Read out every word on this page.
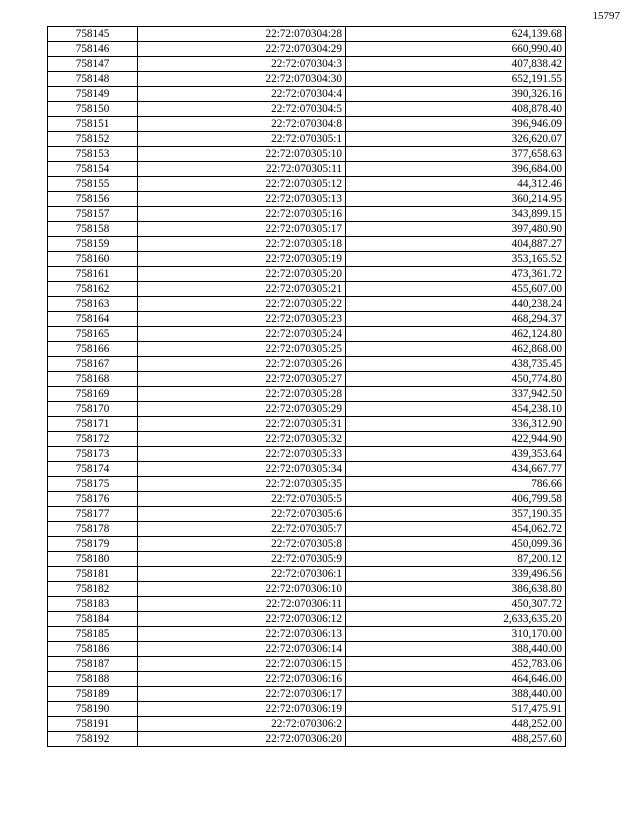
15797
758145	22:72:070304:28	624,139.68
758146	22:72:070304:29	660,990.40
758147	22:72:070304:3	407,838.42
758148	22:72:070304:30	652,191.55
758149	22:72:070304:4	390,326.16
758150	22:72:070304:5	408,878.40
758151	22:72:070304:8	396,946.09
758152	22:72:070305:1	326,620.07
758153	22:72:070305:10	377,658.63
758154	22:72:070305:11	396,684.00
758155	22:72:070305:12	44,312.46
758156	22:72:070305:13	360,214.95
758157	22:72:070305:16	343,899.15
758158	22:72:070305:17	397,480.90
758159	22:72:070305:18	404,887.27
758160	22:72:070305:19	353,165.52
758161	22:72:070305:20	473,361.72
758162	22:72:070305:21	455,607.00
758163	22:72:070305:22	440,238.24
758164	22:72:070305:23	468,294.37
758165	22:72:070305:24	462,124.80
758166	22:72:070305:25	462,868.00
758167	22:72:070305:26	438,735.45
758168	22:72:070305:27	450,774.80
758169	22:72:070305:28	337,942.50
758170	22:72:070305:29	454,238.10
758171	22:72:070305:31	336,312.90
758172	22:72:070305:32	422,944.90
758173	22:72:070305:33	439,353.64
758174	22:72:070305:34	434,667.77
758175	22:72:070305:35	786.66
758176	22:72:070305:5	406,799.58
758177	22:72:070305:6	357,190.35
758178	22:72:070305:7	454,062.72
758179	22:72:070305:8	450,099.36
758180	22:72:070305:9	87,200.12
758181	22:72:070306:1	339,496.56
758182	22:72:070306:10	386,638.80
758183	22:72:070306:11	450,307.72
758184	22:72:070306:12	2,633,635.20
758185	22:72:070306:13	310,170.00
758186	22:72:070306:14	388,440.00
758187	22:72:070306:15	452,783.06
758188	22:72:070306:16	464,646.00
758189	22:72:070306:17	388,440.00
758190	22:72:070306:19	517,475.91
758191	22:72:070306:2	448,252.00
758192	22:72:070306:20	488,257.60
